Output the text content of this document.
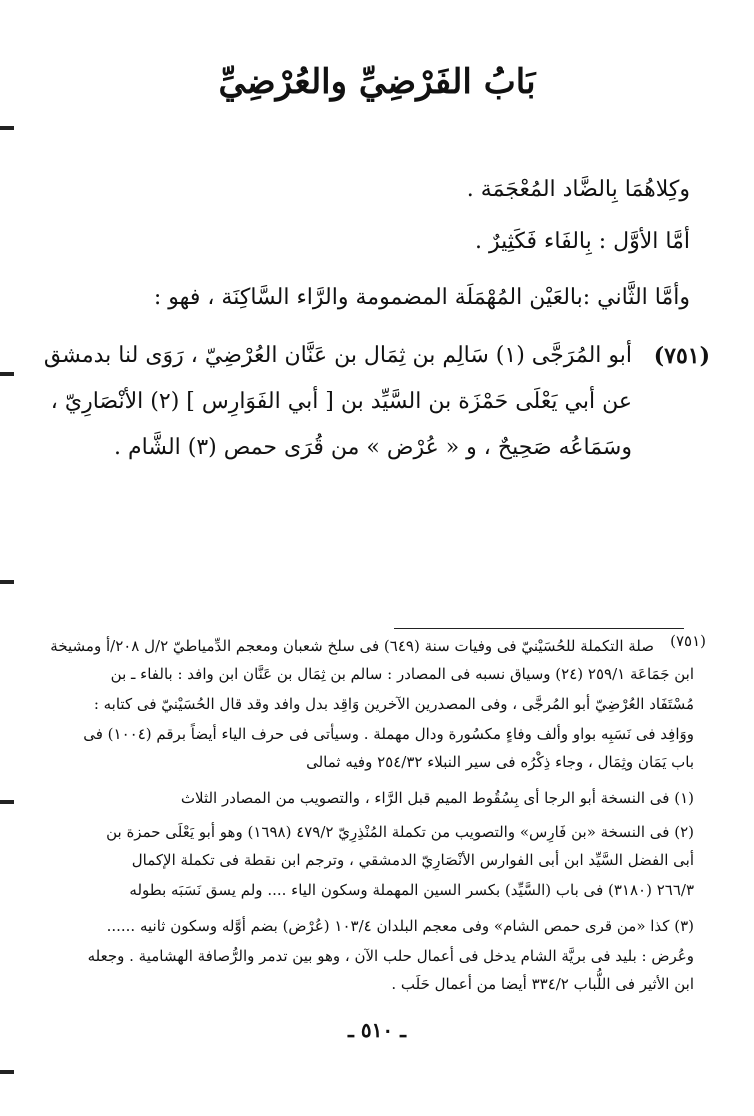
بَابُ الفَرْضِيِّ والعُرْضِيِّ
وكِلاهُمَا بِالضَّاد المُعْجَمَة .
أمَّا الأوَّل : بِالفَاء فَكَثِيرٌ .
وأمَّا الثَّاني :بالعَيْن المُهْمَلَة المضمومة والرَّاء السَّاكِنَة ، فهو :
(٧٥١)
أبو المُرَجَّى (١) سَالِم بن ثِمَال بن عَنَّان العُرْضِيّ ، رَوَى لنا بدمشق
عن أبي يَعْلَى حَمْزَة بن السَّيِّد بن [ أبي الفَوَارِس ] (٢) الأنْصَارِيّ ،
وسَمَاعُه صَحِيحٌ ، و « عُرْض » من قُرَى حمص (٣) الشَّام .
(٧٥١)
صلة التكملة للحُسَيْنيّ فى وفيات سنة (٦٤٩) فى سلخ شعبان ومعجم الدِّمياطيّ ٢/ل ٢٠٨/أ ومشيخة
ابن جَمَاعَة ٢٥٩/١ (٢٤) وسياق نسبه فى المصادر : سالم بن ثِمَال بن عَنَّان ابن وافد : بالفاء ـ بن
مُسْتَفَاد العُرْضِيّ أبو المُرجَّى ، وفى المصدرين الآخرين وَاقِد بدل وافد وقد قال الحُسَيْنيّ فى كتابه :
ووَافِد فى نَسَبِه بواو وألف وفاءٍ مكسُورة ودال مهملة . وسيأتى فى حرف الياء أيضاً برقم (١٠٠٤) فى
باب يَمَان وثِمَال ، وجاء ذِكْرُه فى سير النبلاء ٢٥٤/٣٢ وفيه ثمالى
(١) فى النسخة أبو الرجا أى بِسُقُوط الميم قبل الرَّاء ، والتصويب من المصادر الثلاث
(٢) فى النسخة «بن فَارِس» والتصويب من تكملة المُنْذِرِيّ ٤٧٩/٢ (١٦٩٨) وهو أبو يَعْلَى حمزة بن
أبى الفضل السَّيِّد ابن أبى الفوارس الأنْصَارِيّ الدمشقي ، وترجم ابن نقطة فى تكملة الإكمال
٢٦٦/٣ (٣١٨٠) فى باب (السَّيِّد) بكسر السين المهملة وسكون الياء .... ولم يسق نَسَبَه بطوله
(٣) كذا «من قرى حمص الشام» وفى معجم البلدان ١٠٣/٤ (عُرْض) بضم أوَّله وسكون ثانيه ......
وعُرض : بليد فى بريَّة الشام يدخل فى أعمال حلب الآن ، وهو بين تدمر والرُّصافة الهشامية . وجعله
ابن الأثير فى اللُّباب ٣٣٤/٢ أيضا من أعمال حَلَب .
ـ ٥١٠ ـ
